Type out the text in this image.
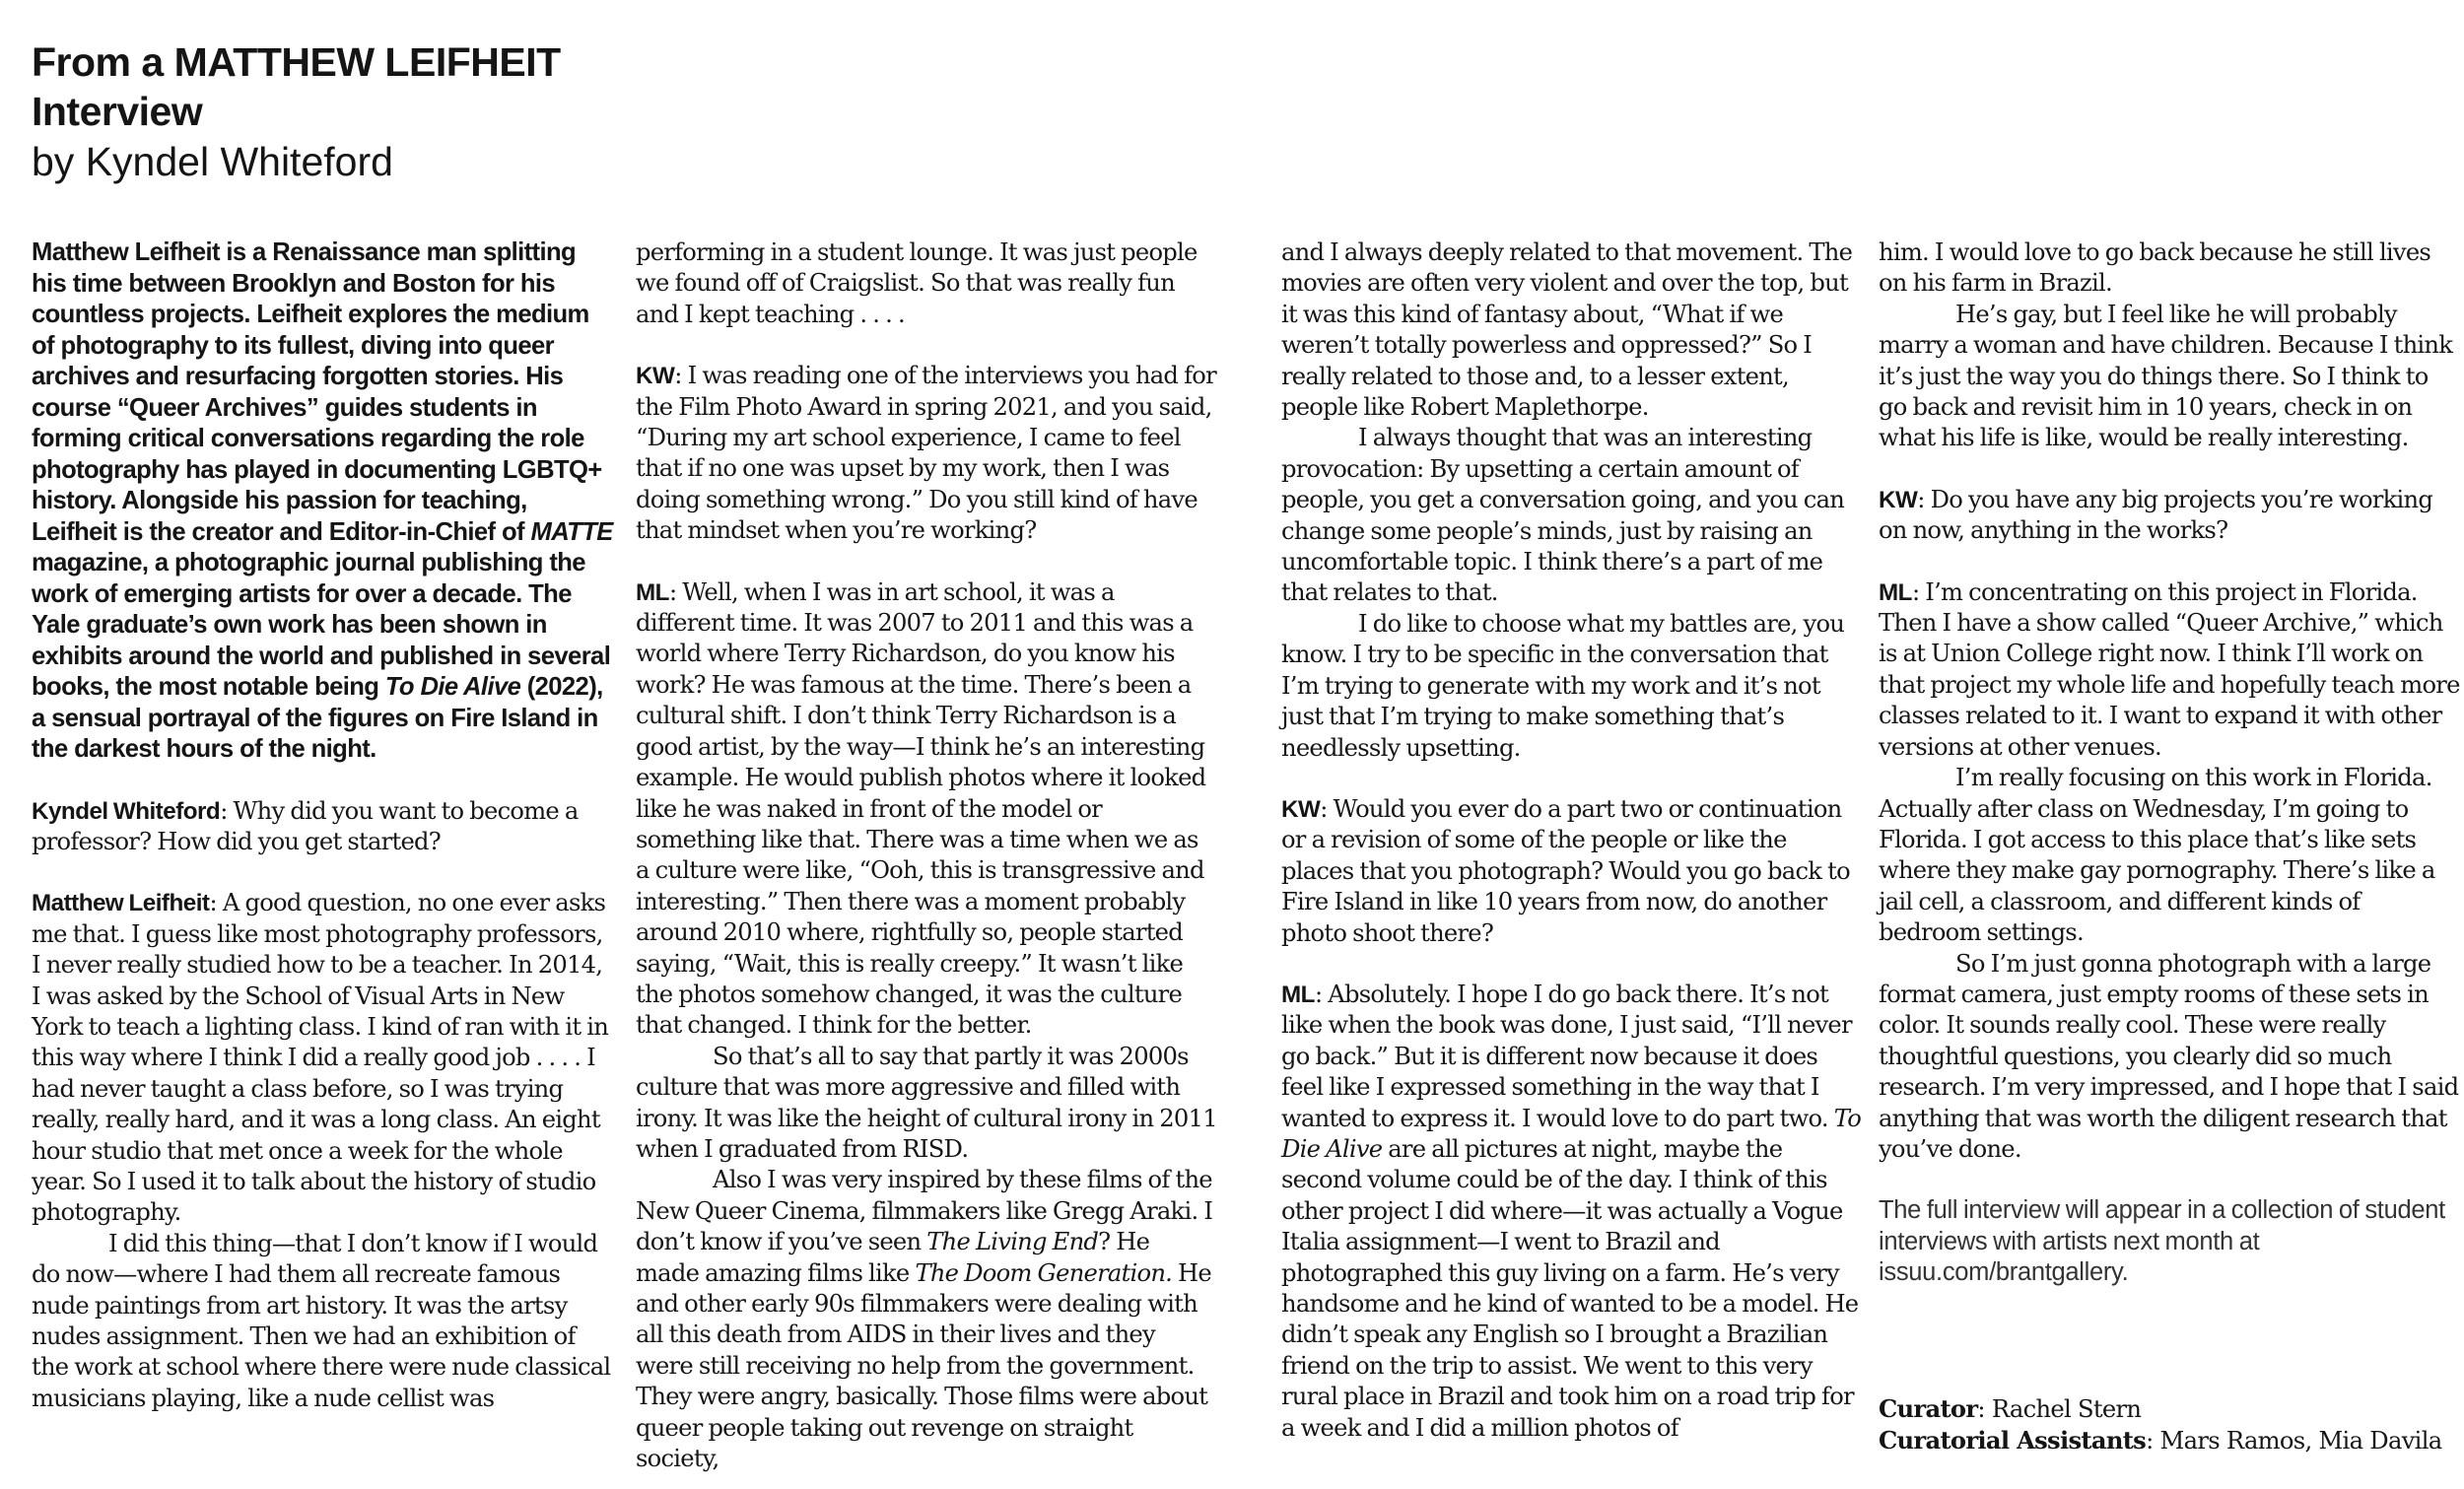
From a MATTHEW LEIFHEIT
Interview
by Kyndel Whiteford

Matthew Leifheit is a Renaissance man splitting his time between Brooklyn and Boston for his countless projects. Leifheit explores the medium of photography to its fullest, diving into queer archives and resurfacing forgotten stories. His course “Queer Archives” guides students in forming critical conversations regarding the role photography has played in documenting LGBTQ+ history. Alongside his passion for teaching, Leifheit is the creator and Editor-in-Chief of MATTE magazine, a photographic journal publishing the work of emerging artists for over a decade. The Yale graduate’s own work has been shown in exhibits around the world and published in several books, the most notable being To Die Alive (2022), a sensual portrayal of the figures on Fire Island in the darkest hours of the night.

Kyndel Whiteford: Why did you want to become a professor? How did you get started?

Matthew Leifheit: A good question, no one ever asks me that. I guess like most photography professors, I never really studied how to be a teacher. In 2014, I was asked by the School of Visual Arts in New York to teach a lighting class. I kind of ran with it in this way where I think I did a really good job . . . . I had never taught a class before, so I was trying really, really hard, and it was a long class. An eight hour studio that met once a week for the whole year. So I used it to talk about the history of studio photography.

I did this thing—that I don’t know if I would do now—where I had them all recreate famous nude paintings from art history. It was the artsy nudes assignment. Then we had an exhibition of the work at school where there were nude classical musicians playing, like a nude cellist was

performing in a student lounge. It was just people we found off of Craigslist. So that was really fun and I kept teaching . . . .

KW: I was reading one of the interviews you had for the Film Photo Award in spring 2021, and you said, “During my art school experience, I came to feel that if no one was upset by my work, then I was doing something wrong.” Do you still kind of have that mindset when you’re working?

ML: Well, when I was in art school, it was a different time. It was 2007 to 2011 and this was a world where Terry Richardson, do you know his work? He was famous at the time. There’s been a cultural shift. I don’t think Terry Richardson is a good artist, by the way—I think he’s an interesting example. He would publish photos where it looked like he was naked in front of the model or something like that. There was a time when we as a culture were like, “Ooh, this is transgressive and interesting.” Then there was a moment probably around 2010 where, rightfully so, people started saying, “Wait, this is really creepy.” It wasn’t like the photos somehow changed, it was the culture that changed. I think for the better.

So that’s all to say that partly it was 2000s culture that was more aggressive and filled with irony. It was like the height of cultural irony in 2011 when I graduated from RISD.

Also I was very inspired by these films of the New Queer Cinema, filmmakers like Gregg Araki. I don’t know if you’ve seen The Living End? He made amazing films like The Doom Generation. He and other early 90s filmmakers were dealing with all this death from AIDS in their lives and they were still receiving no help from the government. They were angry, basically. Those films were about queer people taking out revenge on straight society,

and I always deeply related to that movement. The movies are often very violent and over the top, but it was this kind of fantasy about, “What if we weren’t totally powerless and oppressed?” So I really related to those and, to a lesser extent, people like Robert Maplethorpe.

I always thought that was an interesting provocation: By upsetting a certain amount of people, you get a conversation going, and you can change some people’s minds, just by raising an uncomfortable topic. I think there’s a part of me that relates to that.

I do like to choose what my battles are, you know. I try to be specific in the conversation that I’m trying to generate with my work and it’s not just that I’m trying to make something that’s needlessly upsetting.

KW: Would you ever do a part two or continuation or a revision of some of the people or like the places that you photograph? Would you go back to Fire Island in like 10 years from now, do another photo shoot there?

ML: Absolutely. I hope I do go back there. It’s not like when the book was done, I just said, “I’ll never go back.” But it is different now because it does feel like I expressed something in the way that I wanted to express it. I would love to do part two. To Die Alive are all pictures at night, maybe the second volume could be of the day. I think of this other project I did where—it was actually a Vogue Italia assignment—I went to Brazil and photographed this guy living on a farm. He’s very handsome and he kind of wanted to be a model. He didn’t speak any English so I brought a Brazilian friend on the trip to assist. We went to this very rural place in Brazil and took him on a road trip for a week and I did a million photos of

him. I would love to go back because he still lives on his farm in Brazil.

He’s gay, but I feel like he will probably marry a woman and have children. Because I think it’s just the way you do things there. So I think to go back and revisit him in 10 years, check in on what his life is like, would be really interesting.

KW: Do you have any big projects you’re working on now, anything in the works?

ML: I’m concentrating on this project in Florida. Then I have a show called “Queer Archive,” which is at Union College right now. I think I’ll work on that project my whole life and hopefully teach more classes related to it. I want to expand it with other versions at other venues.

I’m really focusing on this work in Florida. Actually after class on Wednesday, I’m going to Florida. I got access to this place that’s like sets where they make gay pornography. There’s like a jail cell, a classroom, and different kinds of bedroom settings.

So I’m just gonna photograph with a large format camera, just empty rooms of these sets in color. It sounds really cool. These were really thoughtful questions, you clearly did so much research. I’m very impressed, and I hope that I said anything that was worth the diligent research that you’ve done.

The full interview will appear in a collection of student interviews with artists next month at issuu.com/brantgallery.

Curator: Rachel Stern
Curatorial Assistants: Mars Ramos, Mia Davila
